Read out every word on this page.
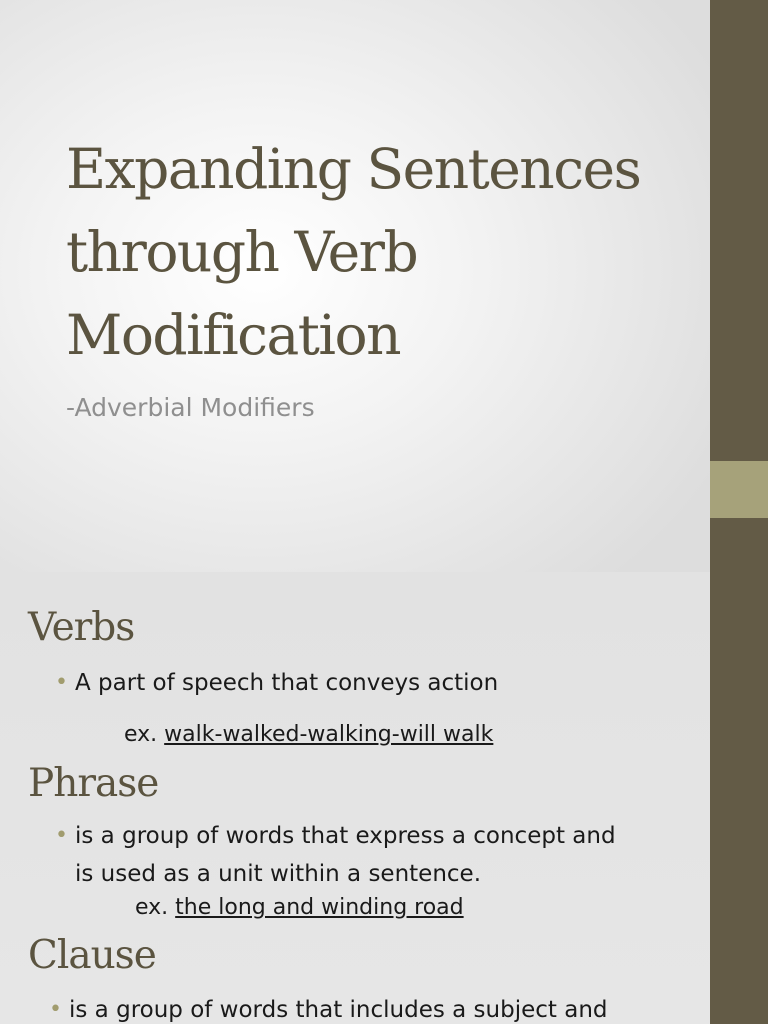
Expanding Sentences
through Verb
Modification

-Adverbial Modifiers

Verbs
• A part of speech that conveys action
ex. walk-walked-walking-will walk
Phrase
• is a group of words that express a concept and
is used as a unit within a sentence.
ex. the long and winding road
Clause
• is a group of words that includes a subject and
